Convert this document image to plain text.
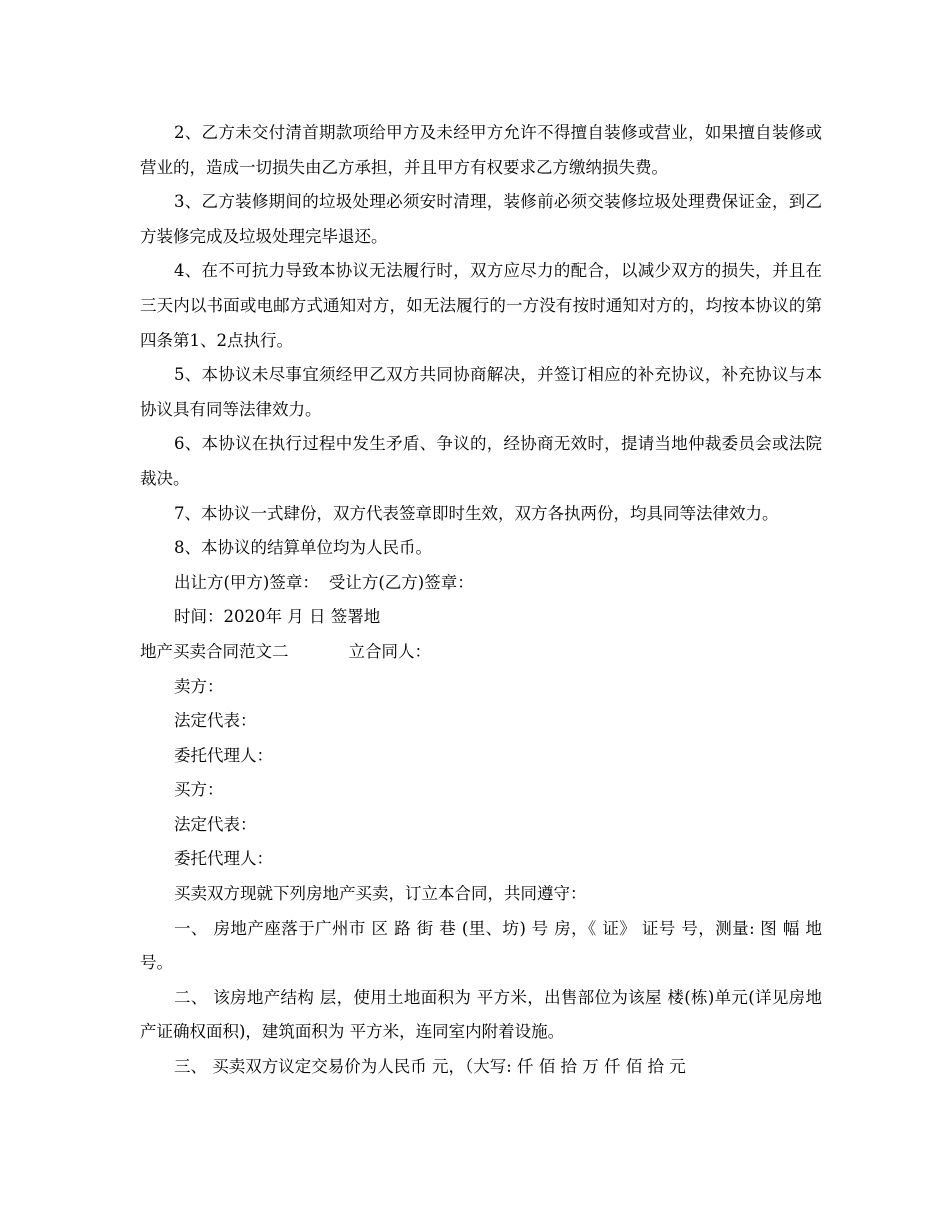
2、乙方未交付清首期款项给甲方及未经甲方允许不得擅自装修或营业，如果擅自装修或营业的，造成一切损失由乙方承担，并且甲方有权要求乙方缴纳损失费。

3、乙方装修期间的垃圾处理必须安时清理，装修前必须交装修垃圾处理费保证金，到乙方装修完成及垃圾处理完毕退还。

4、在不可抗力导致本协议无法履行时，双方应尽力的配合，以减少双方的损失，并且在三天内以书面或电邮方式通知对方，如无法履行的一方没有按时通知对方的，均按本协议的第四条第1、2点执行。

5、本协议未尽事宜须经甲乙双方共同协商解决，并签订相应的补充协议，补充协议与本协议具有同等法律效力。

6、本协议在执行过程中发生矛盾、争议的，经协商无效时，提请当地仲裁委员会或法院裁决。

7、本协议一式肆份，双方代表签章即时生效，双方各执两份，均具同等法律效力。

8、本协议的结算单位均为人民币。

出让方(甲方)签章： 受让方(乙方)签章：

时间：2020年 月 日 签署地

地产买卖合同范文二	立合同人：

卖方：

法定代表：

委托代理人：

买方：

法定代表：

委托代理人：

买卖双方现就下列房地产买卖，订立本合同，共同遵守：

一、 房地产座落于广州市 区 路 街 巷 (里、坊) 号 房，《 证》 证号 号，测量: 图 幅 地号。

二、 该房地产结构 层，使用土地面积为 平方米，出售部位为该屋 楼(栋)单元(详见房地产证确权面积)，建筑面积为 平方米，连同室内附着设施。

三、 买卖双方议定交易价为人民币 元，（大写: 仟 佰 拾 万 仟 佰 拾 元
